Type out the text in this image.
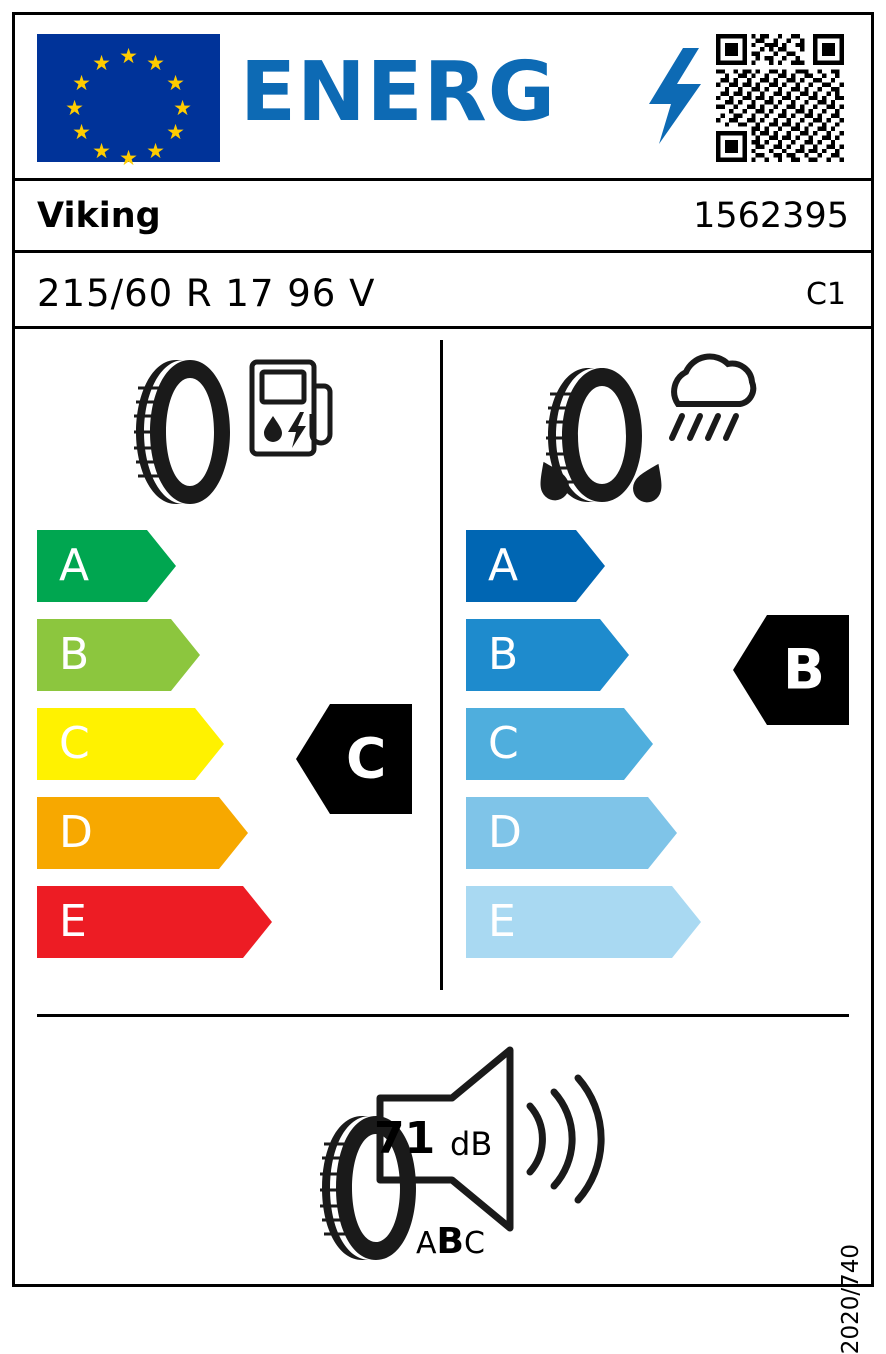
★
★ ★
★	★
★	★
★	★
★ ★
★
ENERG
Viking	1562395
215/60 R 17 96 V	C1
A
B
C
D
E
C
A
B
C
D
E
B
71 dB
ABC
2020/740
